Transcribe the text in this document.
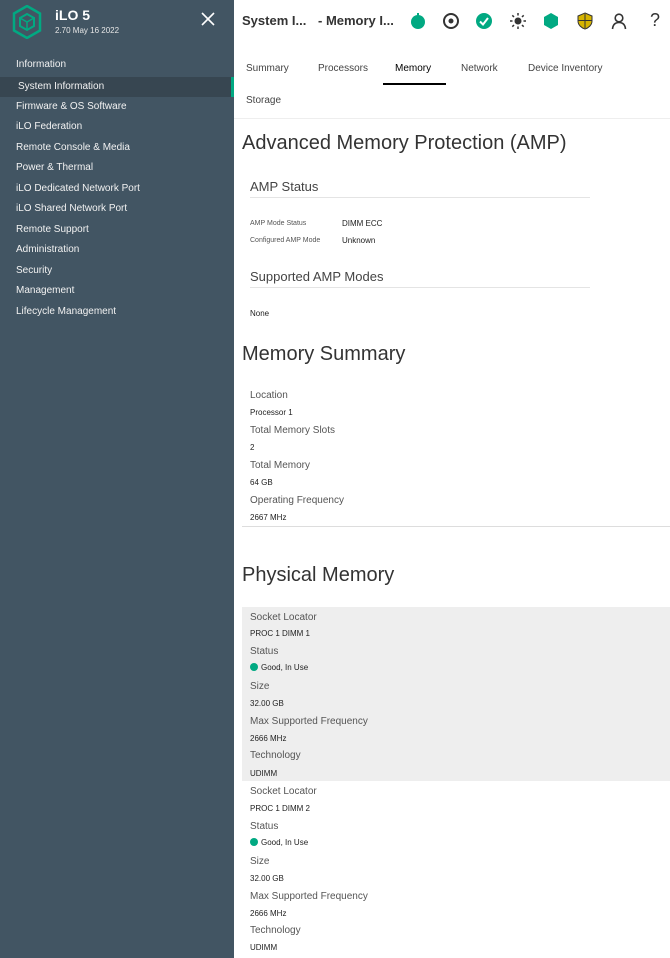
iLO 5
2.70 May 16 2022
Information
System Information
Firmware & OS Software
iLO Federation
Remote Console & Media
Power & Thermal
iLO Dedicated Network Port
iLO Shared Network Port
Remote Support
Administration
Security
Management
Lifecycle Management
System I... - Memory I...	?
Summary	Processors	Memory	Network	Device Inventory
Storage
Advanced Memory Protection (AMP)
AMP Status
AMP Mode Status	DIMM ECC
Configured AMP Mode	Unknown
Supported AMP Modes
None
Memory Summary
Location
Processor 1
Total Memory Slots
2
Total Memory
64 GB
Operating Frequency
2667 MHz
Physical Memory
Socket Locator
PROC 1 DIMM 1
Status
Good, In Use
Size
32.00 GB
Max Supported Frequency
2666 MHz
Technology
UDIMM
Socket Locator
PROC 1 DIMM 2
Status
Good, In Use
Size
32.00 GB
Max Supported Frequency
2666 MHz
Technology
UDIMM
